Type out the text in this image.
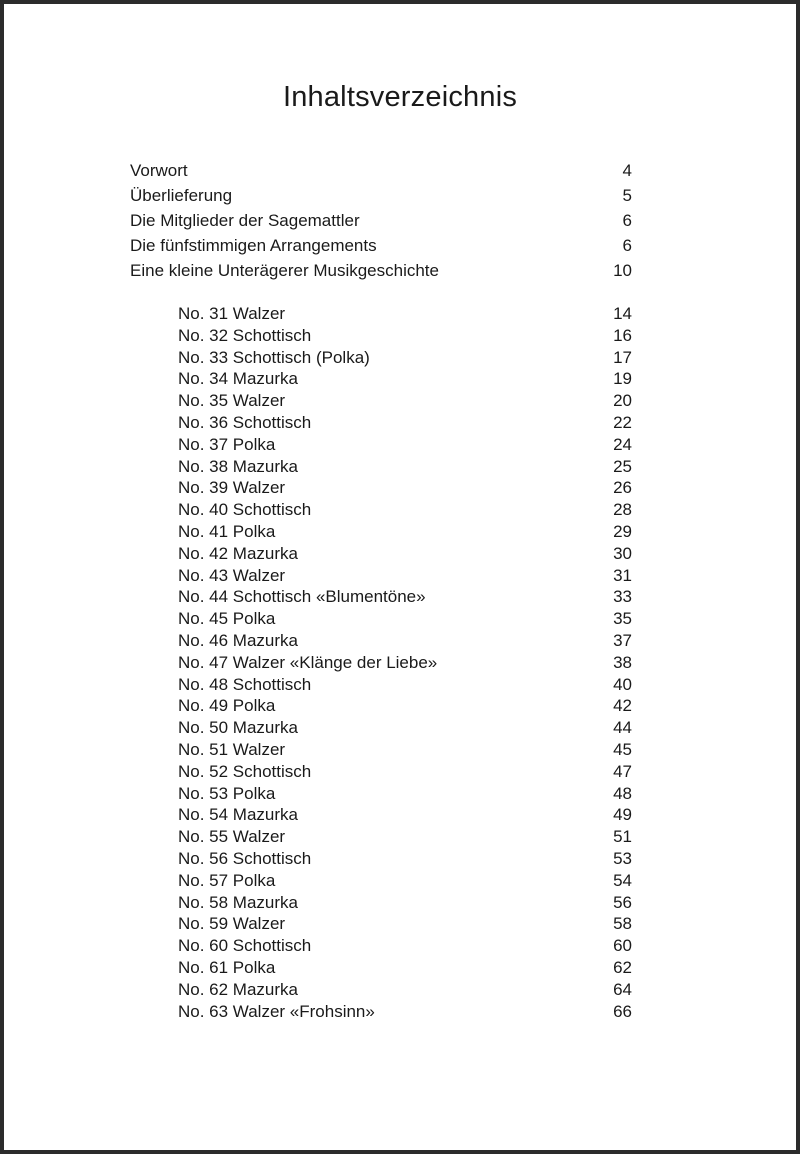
Inhaltsverzeichnis
Vorwort	4
Überlieferung	5
Die Mitglieder der Sagemattler	6
Die fünfstimmigen Arrangements	6
Eine kleine Unterägerer Musikgeschichte	10
No. 31 Walzer	14
No. 32 Schottisch	16
No. 33 Schottisch (Polka)	17
No. 34 Mazurka	19
No. 35 Walzer	20
No. 36 Schottisch	22
No. 37 Polka	24
No. 38 Mazurka	25
No. 39 Walzer	26
No. 40 Schottisch	28
No. 41 Polka	29
No. 42 Mazurka	30
No. 43 Walzer	31
No. 44 Schottisch «Blumentöne»	33
No. 45 Polka	35
No. 46 Mazurka	37
No. 47 Walzer «Klänge der Liebe»	38
No. 48 Schottisch	40
No. 49 Polka	42
No. 50 Mazurka	44
No. 51 Walzer	45
No. 52 Schottisch	47
No. 53 Polka	48
No. 54 Mazurka	49
No. 55 Walzer	51
No. 56 Schottisch	53
No. 57 Polka	54
No. 58 Mazurka	56
No. 59 Walzer	58
No. 60 Schottisch	60
No. 61 Polka	62
No. 62 Mazurka	64
No. 63 Walzer «Frohsinn»	66
